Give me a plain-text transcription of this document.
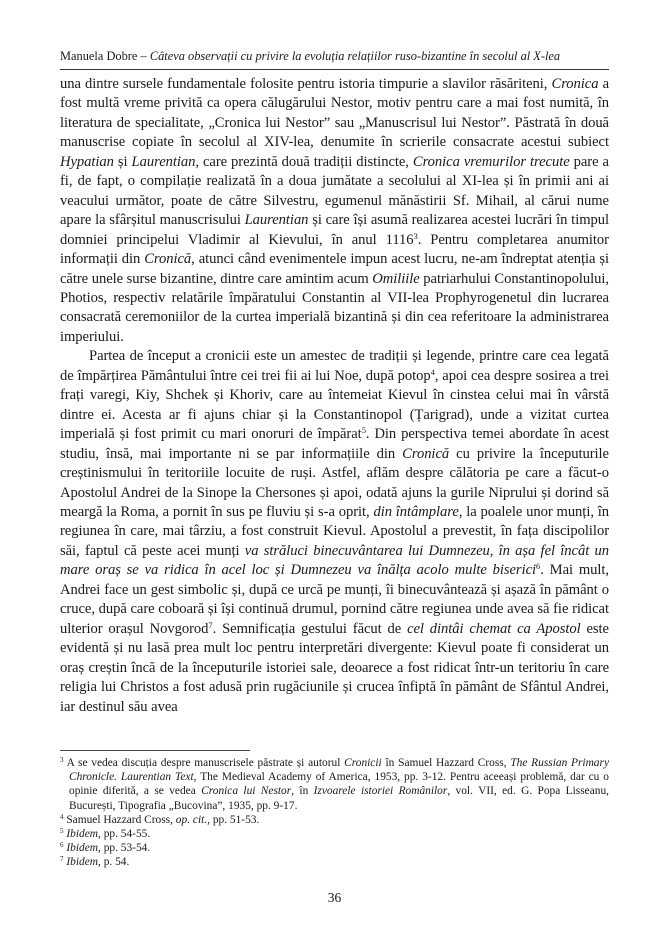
Manuela Dobre – Câteva observații cu privire la evoluția relațiilor ruso-bizantine în secolul al X-lea

una dintre sursele fundamentale folosite pentru istoria timpurie a slavilor răsăriteni, Cronica a fost multă vreme privită ca opera călugărului Nestor, motiv pentru care a mai fost numită, în literatura de specialitate, „Cronica lui Nestor” sau „Manuscrisul lui Nestor”. Păstrată în două manuscrise copiate în secolul al XIV-lea, denumite în scrierile consacrate acestui subiect Hypatian și Laurentian, care prezintă două tradiții distincte, Cronica vremurilor trecute pare a fi, de fapt, o compilație realizată în a doua jumătate a secolului al XI-lea și în primii ani ai veacului următor, poate de către Silvestru, egumenul mănăstirii Sf. Mihail, al cărui nume apare la sfârșitul manuscrisului Laurentian și care își asumă realizarea acestei lucrări în timpul domniei principelui Vladimir al Kievului, în anul 1116$^3$. Pentru completarea anumitor informații din Cronică, atunci când evenimentele impun acest lucru, ne-am îndreptat atenția și către unele surse bizantine, dintre care amintim acum Omiliile patriarhului Constantinopolului, Photios, respectiv relatările împăratului Constantin al VII-lea Prophyrogenetul din lucrarea consacrată ceremoniilor de la curtea imperială bizantină și din cea referitoare la administrarea imperiului.

Partea de început a cronicii este un amestec de tradiții și legende, printre care cea legată de împărțirea Pământului între cei trei fii ai lui Noe, după potop$^4$, apoi cea despre sosirea a trei frați varegi, Kiy, Shchek și Khoriv, care au întemeiat Kievul în cinstea celui mai în vârstă dintre ei. Acesta ar fi ajuns chiar și la Constantinopol (Țarigrad), unde a vizitat curtea imperială și fost primit cu mari onoruri de împărat$^5$. Din perspectiva temei abordate în acest studiu, însă, mai importante ni se par informațiile din Cronică cu privire la începuturile creștinismului în teritoriile locuite de ruși. Astfel, aflăm despre călătoria pe care a făcut-o Apostolul Andrei de la Sinope la Chersones și apoi, odată ajuns la gurile Niprului și dorind să meargă la Roma, a pornit în sus pe fluviu și s-a oprit, din întâmplare, la poalele unor munți, în regiunea în care, mai târziu, a fost construit Kievul. Apostolul a prevestit, în fața discipolilor săi, faptul că peste acei munți va străluci binecuvântarea lui Dumnezeu, în așa fel încât un mare oraș se va ridica în acel loc și Dumnezeu va înălța acolo multe biserici$^6$. Mai mult, Andrei face un gest simbolic și, după ce urcă pe munți, îi binecuvântează și așază în pământ o cruce, după care coboară și își continuă drumul, pornind către regiunea unde avea să fie ridicat ulterior orașul Novgorod$^7$. Semnificația gestului făcut de cel dintâi chemat ca Apostol este evidentă și nu lasă prea mult loc pentru interpretări divergente: Kievul poate fi considerat un oraș creștin încă de la începuturile istoriei sale, deoarece a fost ridicat într-un teritoriu în care religia lui Christos a fost adusă prin rugăciunile și crucea înfiptă în pământ de Sfântul Andrei, iar destinul său avea

$^3$ A se vedea discuția despre manuscrisele păstrate și autorul Cronicii în Samuel Hazzard Cross, The Russian Primary Chronicle. Laurentian Text, The Medieval Academy of America, 1953, pp. 3-12. Pentru aceeași problemă, dar cu o opinie diferită, a se vedea Cronica lui Nestor, în Izvoarele istoriei Românilor, vol. VII, ed. G. Popa Lisseanu, București, Tipografia „Bucovina”, 1935, pp. 9-17.

$^4$ Samuel Hazzard Cross, op. cit., pp. 51-53.

$^5$ Ibidem, pp. 54-55.

$^6$ Ibidem, pp. 53-54.

$^7$ Ibidem, p. 54.

36
